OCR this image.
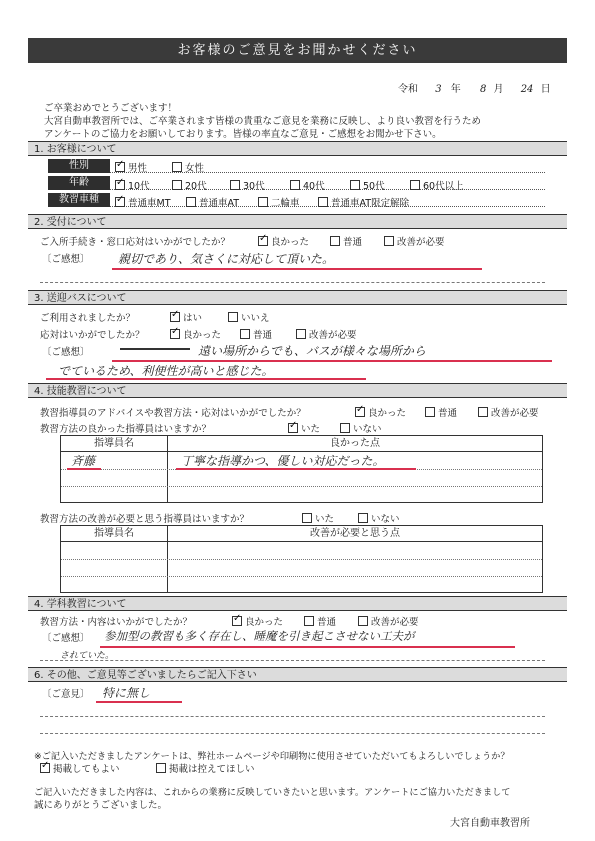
お客様のご意見をお聞かせください
令和 3 年 8 月 24 日
ご卒業おめでとうございます！
大宮自動車教習所では、ご卒業されます皆様の貴重なご意見を業務に反映し、より良い教習を行うため
アンケートのご協力をお願いしております。皆様の率直なご意見・ご感想をお聞かせ下さい。
1. お客様について
性別 ✓	男性	女性
年齢 ✓	10代	20代	30代	40代	50代	60代以上
教習車種 ✓	普通車MT	普通車AT	二輪車	普通車AT限定解除
2. 受付について
ご入所手続き・窓口応対はいかがでしたか？ ✓	良かった	普通	改善が必要
〔ご感想〕 親切であり、気さくに対応して頂いた。
3. 送迎バスについて
ご利用されましたか？ ✓	はい	いいえ
応対はいかがでしたか？ ✓	良かった	普通	改善が必要
〔ご感想〕	遠い場所からでも、バスが様々な場所から
でているため、利便性が高いと感じた。
4. 技能教習について
教習指導員のアドバイスや教習方法・応対はいかがでしたか？ ✓	良かった	普通	改善が必要
教習方法の良かった指導員はいますか？ ✓	いた	いない
指導員名	良かった点
斉藤	丁寧な指導かつ、優しい対応だった。
教習方法の改善が必要と思う指導員はいますか？	いた	いない
指導員名	改善が必要と思う点
4. 学科教習について
教習方法・内容はいかがでしたか？ ✓	良かった	普通	改善が必要
〔ご感想〕 参加型の教習も多く存在し、睡魔を引き起こさせない工夫が
されていた。
6. その他、ご意見等ございましたらご記入下さい
〔ご意見〕 特に無し
※ご記入いただきましたアンケートは、弊社ホームページや印刷物に使用させていただいてもよろしいでしょうか？
✓掲載してもよい	掲載は控えてほしい
ご記入いただきました内容は、これからの業務に反映していきたいと思います。アンケートにご協力いただきまして
誠にありがとうございました。
大宮自動車教習所
